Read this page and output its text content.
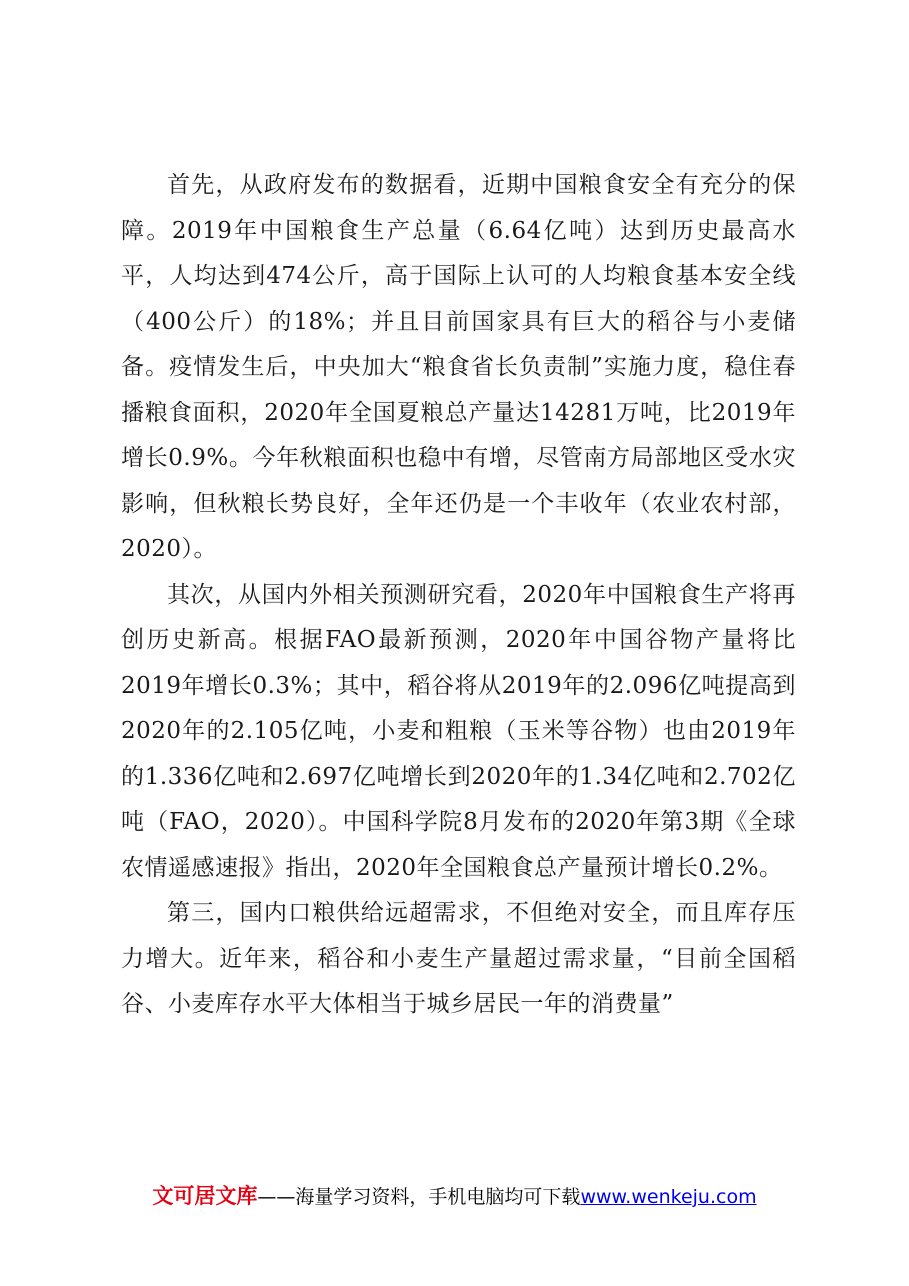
首先，从政府发布的数据看，近期中国粮食安全有充分的保障。2019年中国粮食生产总量（6.64亿吨）达到历史最高水平，人均达到474公斤，高于国际上认可的人均粮食基本安全线（400公斤）的18%；并且目前国家具有巨大的稻谷与小麦储备。疫情发生后，中央加大“粮食省长负责制”实施力度，稳住春播粮食面积，2020年全国夏粮总产量达14281万吨，比2019年增长0.9%。今年秋粮面积也稳中有增，尽管南方局部地区受水灾影响，但秋粮长势良好，全年还仍是一个丰收年（农业农村部，2020）。

其次，从国内外相关预测研究看，2020年中国粮食生产将再创历史新高。根据FAO最新预测，2020年中国谷物产量将比2019年增长0.3%；其中，稻谷将从2019年的2.096亿吨提高到2020年的2.105亿吨，小麦和粗粮（玉米等谷物）也由2019年的1.336亿吨和2.697亿吨增长到2020年的1.34亿吨和2.702亿吨（FAO，2020）。中国科学院8月发布的2020年第3期《全球农情遥感速报》指出，2020年全国粮食总产量预计增长0.2%。

第三，国内口粮供给远超需求，不但绝对安全，而且库存压力增大。近年来，稻谷和小麦生产量超过需求量，“目前全国稻谷、小麦库存水平大体相当于城乡居民一年的消费量”

文可居文库——海量学习资料，手机电脑均可下载www.wenkeju.com
